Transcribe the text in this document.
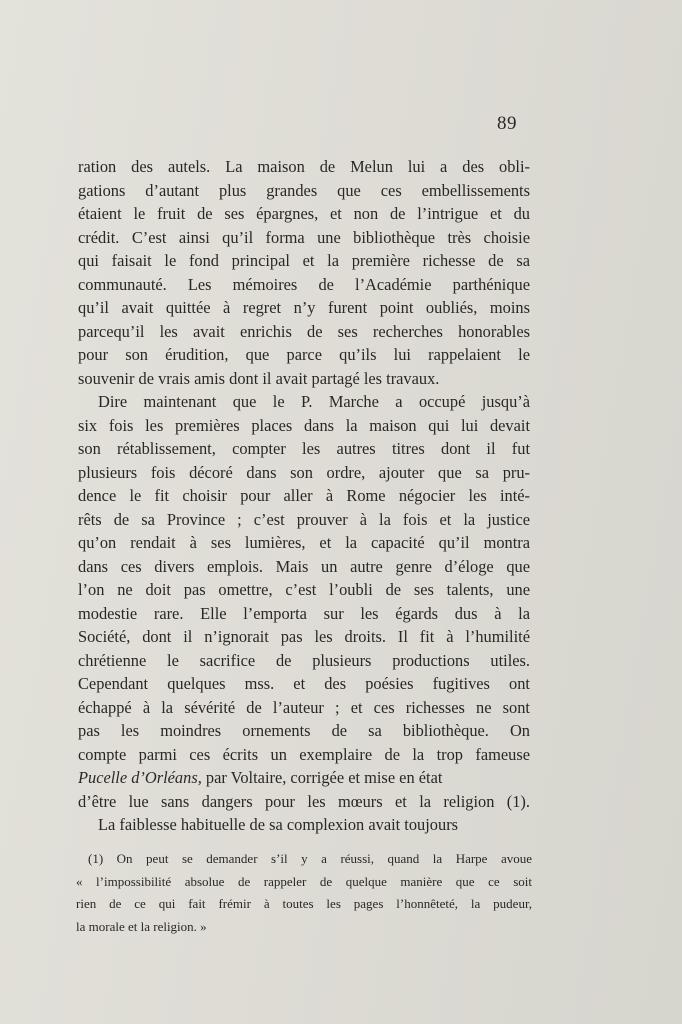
89
ration des autels. La maison de Melun lui a des obli-
gations d’autant plus grandes que ces embellissements
étaient le fruit de ses épargnes, et non de l’intrigue et du
crédit. C’est ainsi qu’il forma une bibliothèque très choisie
qui faisait le fond principal et la première richesse de sa
communauté. Les mémoires de l’Académie parthénique
qu’il avait quittée à regret n’y furent point oubliés, moins
parcequ’il les avait enrichis de ses recherches honorables
pour son érudition, que parce qu’ils lui rappelaient le
souvenir de vrais amis dont il avait partagé les travaux.
Dire maintenant que le P. Marche a occupé jusqu’à
six fois les premières places dans la maison qui lui devait
son rétablissement, compter les autres titres dont il fut
plusieurs fois décoré dans son ordre, ajouter que sa pru-
dence le fit choisir pour aller à Rome négocier les inté-
rêts de sa Province ; c’est prouver à la fois et la justice
qu’on rendait à ses lumières, et la capacité qu’il montra
dans ces divers emplois. Mais un autre genre d’éloge que
l’on ne doit pas omettre, c’est l’oubli de ses talents, une
modestie rare. Elle l’emporta sur les égards dus à la
Société, dont il n’ignorait pas les droits. Il fit à l’humilité
chrétienne le sacrifice de plusieurs productions utiles.
Cependant quelques mss. et des poésies fugitives ont
échappé à la sévérité de l’auteur ; et ces richesses ne sont
pas les moindres ornements de sa bibliothèque. On
compte parmi ces écrits un exemplaire de la trop fameuse
Pucelle d’Orléans, par Voltaire, corrigée et mise en état
d’être lue sans dangers pour les mœurs et la religion (1).
La faiblesse habituelle de sa complexion avait toujours
(1) On peut se demander s’il y a réussi, quand la Harpe avoue
« l’impossibilité absolue de rappeler de quelque manière que ce soit
rien de ce qui fait frémir à toutes les pages l’honnêteté, la pudeur,
la morale et la religion. »
